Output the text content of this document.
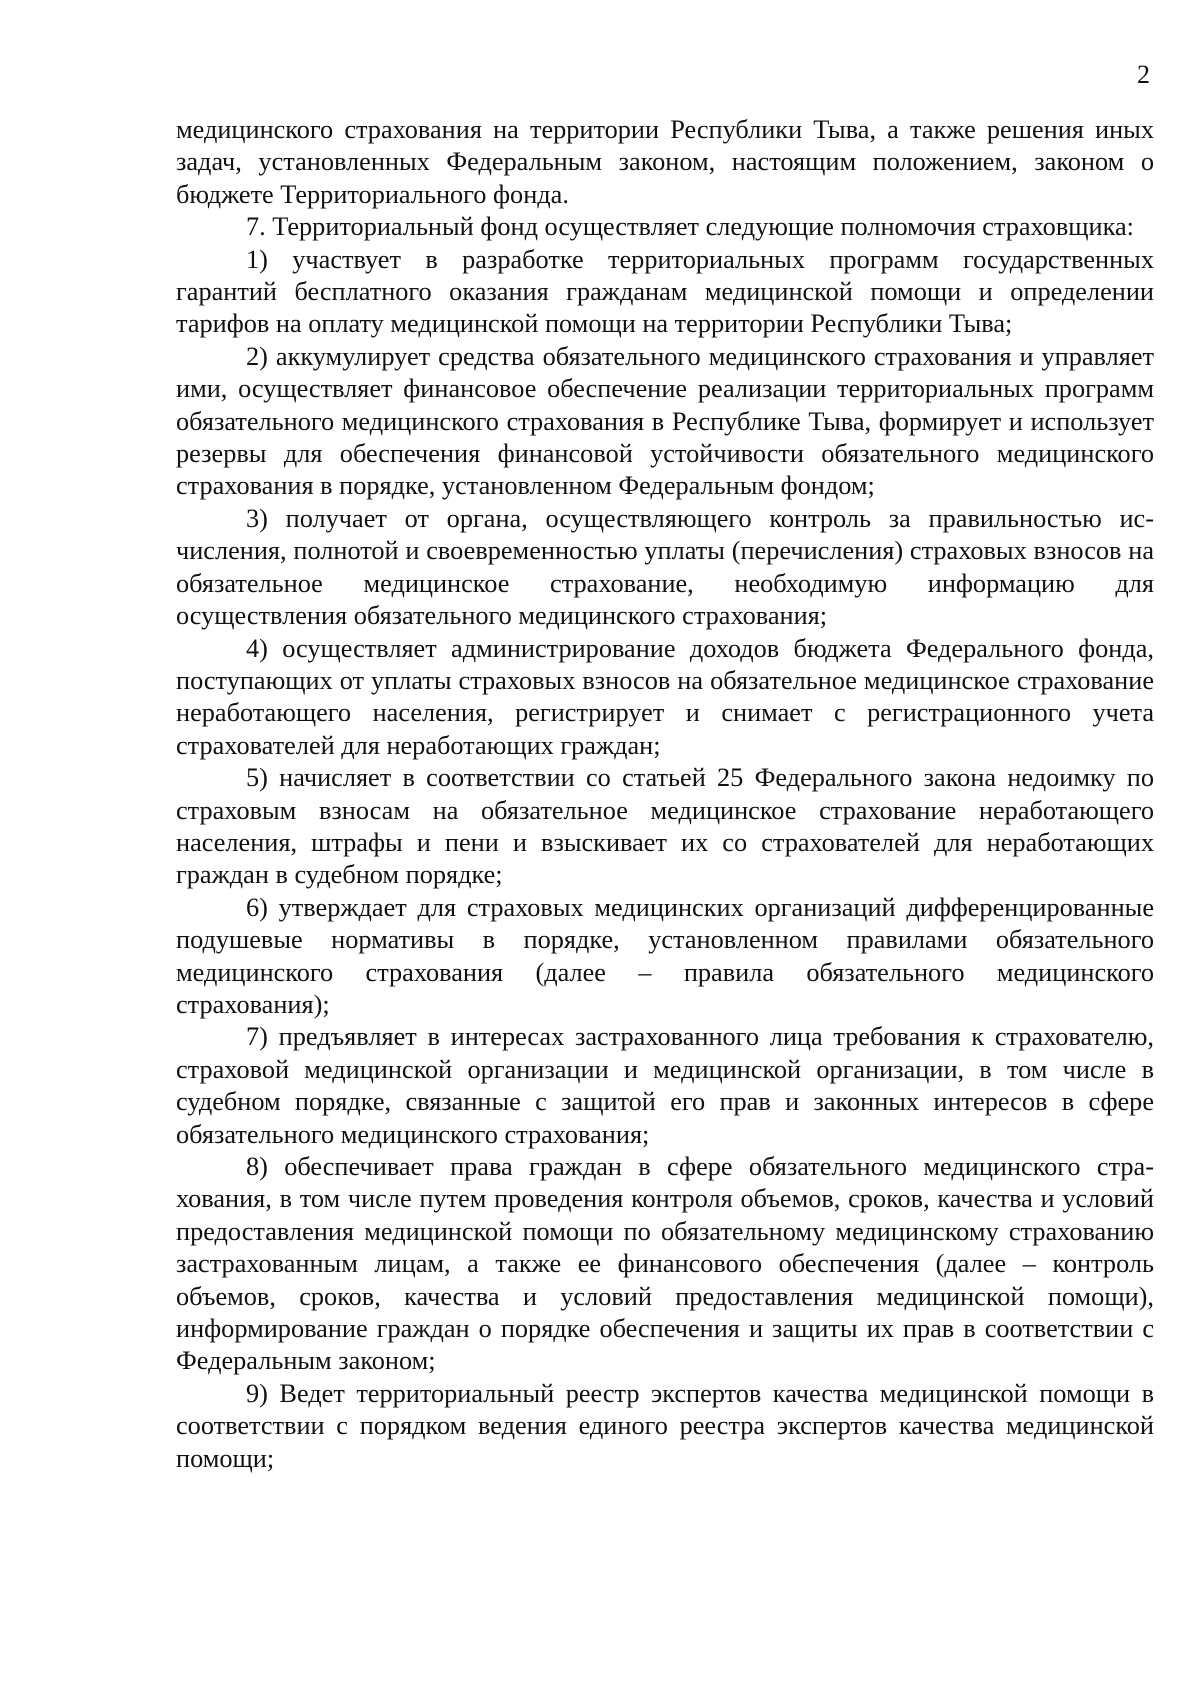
2

медицинского страхования на территории Республики Тыва, а также решения иных задач, установленных Федеральным законом, настоящим положением, законом о бюджете Территориального фонда.

7. Территориальный фонд осуществляет следующие полномочия страховщика:

1) участвует в разработке территориальных программ государственных гарантий бесплатного оказания гражданам медицинской помощи и определении тарифов на оплату медицинской помощи на территории Республики Тыва;

2) аккумулирует средства обязательного медицинского страхования и управляет ими, осуществляет финансовое обеспечение реализации территориальных программ обязательного медицинского страхования в Республике Тыва, формирует и использует резервы для обеспечения финансовой устойчивости обязательного медицинского страхования в порядке, установленном Федеральным фондом;

3) получает от органа, осуществляющего контроль за правильностью исчисления, полнотой и своевременностью уплаты (перечисления) страховых взносов на обязательное медицинское страхование, необходимую информацию для осуществления обязательного медицинского страхования;

4) осуществляет администрирование доходов бюджета Федерального фонда, поступающих от уплаты страховых взносов на обязательное медицинское страхование неработающего населения, регистрирует и снимает с регистрационного учета страхователей для неработающих граждан;

5) начисляет в соответствии со статьей 25 Федерального закона недоимку по страховым взносам на обязательное медицинское страхование неработающего населения, штрафы и пени и взыскивает их со страхователей для неработающих граждан в судебном порядке;

6) утверждает для страховых медицинских организаций дифференцированные подушевые нормативы в порядке, установленном правилами обязательного медицинского страхования (далее – правила обязательного медицинского страхования);

7) предъявляет в интересах застрахованного лица требования к страхователю, страховой медицинской организации и медицинской организации, в том числе в судебном порядке, связанные с защитой его прав и законных интересов в сфере обязательного медицинского страхования;

8) обеспечивает права граждан в сфере обязательного медицинского страхования, в том числе путем проведения контроля объемов, сроков, качества и условий предоставления медицинской помощи по обязательному медицинскому страхованию застрахованным лицам, а также ее финансового обеспечения (далее – контроль объемов, сроков, качества и условий предоставления медицинской помощи), информирование граждан о порядке обеспечения и защиты их прав в соответствии с Федеральным законом;

9) Ведет территориальный реестр экспертов качества медицинской помощи в соответствии с порядком ведения единого реестра экспертов качества медицинской помощи;
